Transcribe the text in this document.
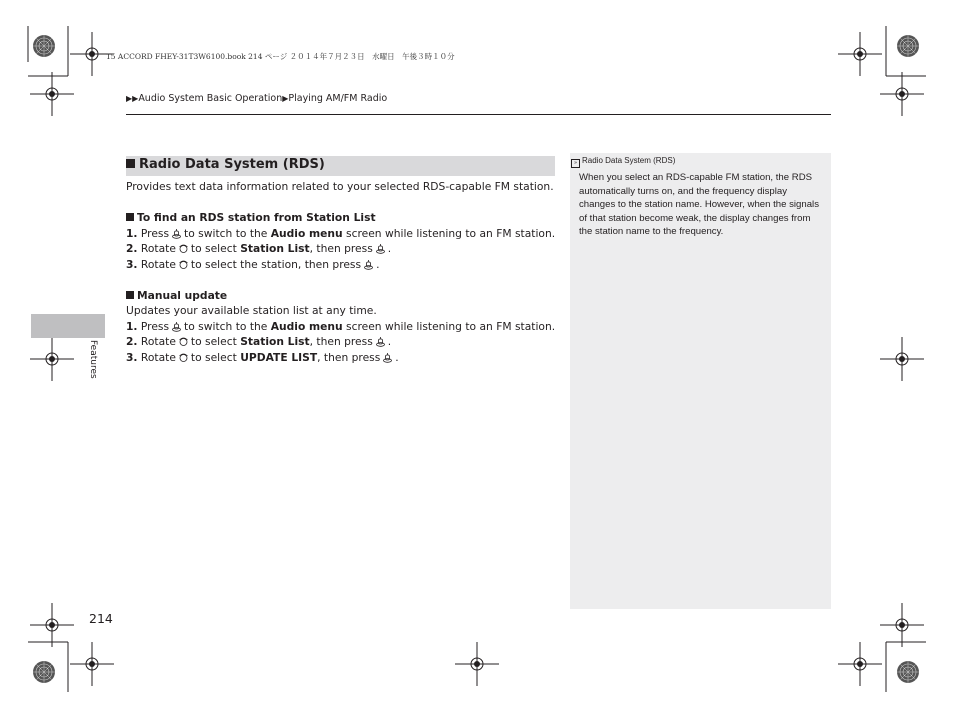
15 ACCORD FHEY-31T3W6100.book 214 ページ ２０１４年７月２３日　水曜日　午後３時１０分
▶▶Audio System Basic Operation▶Playing AM/FM Radio
Radio Data System (RDS)
Provides text data information related to your selected RDS-capable FM station.
To find an RDS station from Station List
1. Press to switch to the Audio menu screen while listening to an FM station.
2. Rotate to select Station List, then press .
3. Rotate to select the station, then press .
Manual update
Updates your available station list at any time.
1. Press to switch to the Audio menu screen while listening to an FM station.
2. Rotate to select Station List, then press .
3. Rotate to select UPDATE LIST, then press .
» Radio Data System (RDS)
When you select an RDS-capable FM station, the RDS automatically turns on, and the frequency display changes to the station name. However, when the signals of that station become weak, the display changes from the station name to the frequency.
Features
214
